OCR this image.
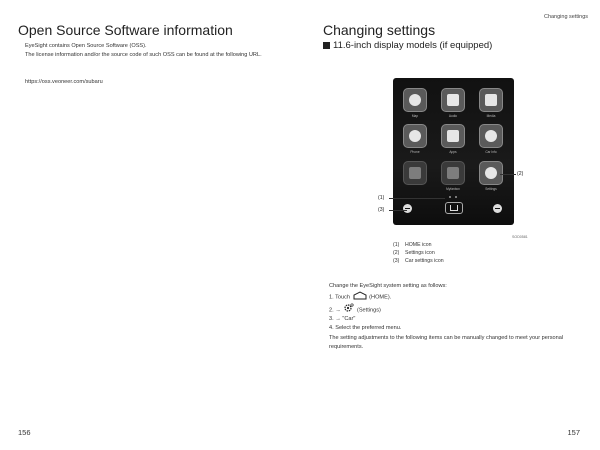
Changing settings
Open Source Software information
EyeSight contains Open Source Software (OSS).
The license information and/or the source code of such OSS can be found at the following URL.
https://oss.veoneer.com/subaru
156
Changing settings
11.6-inch display models (if equipped)
Map	Audio	Media
Phone	Apps	Car Info
Myfanbox	Settings
(1)
(3)
(2)
SOD0581
(1) HOME icon
(2) Settings icon
(3) Car settings icon
Change the EyeSight system setting as follows:
1. Touch	(HOME).
2. →	(Settings)
3. → "Car"
4. Select the preferred menu.
The setting adjustments to the following items can be manually changed to meet your personal requirements.
157
